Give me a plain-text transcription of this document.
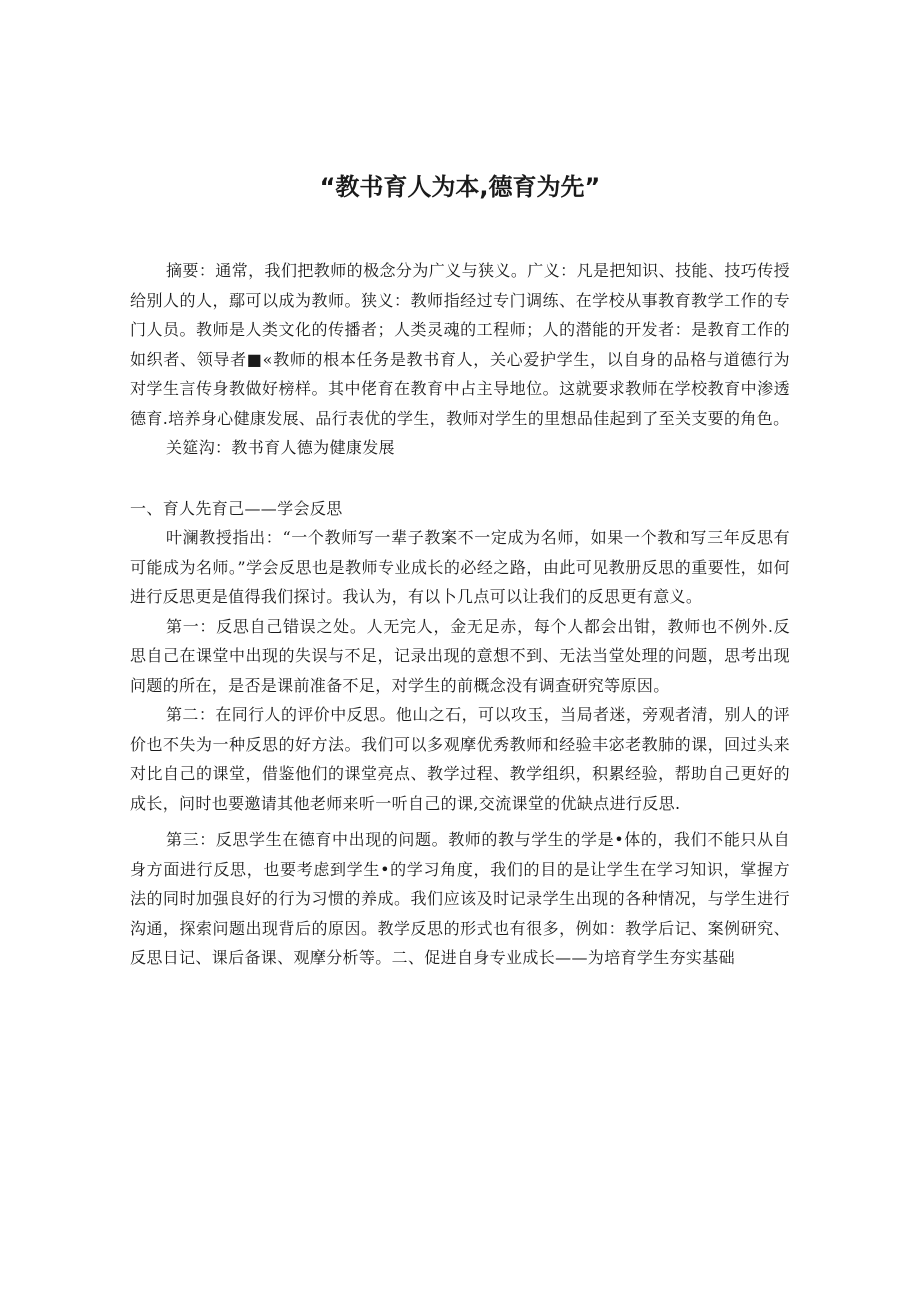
“教书育人为本,德育为先”

摘要：通常，我们把教师的极念分为广义与狭义。广义：凡是把知识、技能、技巧传授给别人的人，鄢可以成为教师。狭义：教师指经过专门调练、在学校从事教育教学工作的专门人员。教师是人类文化的传播者；人类灵魂的工程师；人的潜能的开发者：是教育工作的如织者、领导者■«教师的根本任务是教书育人，关心爱护学生，以自身的品格与道德行为对学生言传身教做好榜样。其中佬育在教育中占主导地位。这就要求教师在学校教育中渗透德育.培养身心健康发展、品行表优的学生，教师对学生的里想品佳起到了至关支要的角色。

关筵沟：教书育人德为健康发展

一、育人先育己——学会反思

叶澜教授指出：“一个教师写一辈子教案不一定成为名师，如果一个教和写三年反思有可能成为名师。”学会反思也是教师专业成长的必经之路，由此可见教册反思的重要性，如何进行反思更是值得我们探讨。我认为，有以卜几点可以让我们的反思更有意义。

第一：反思自己错误之处。人无完人，金无足赤，每个人都会出钳，教师也不例外.反思自己在课堂中出现的失误与不足，记录出现的意想不到、无法当堂处理的问题，思考出现问题的所在，是否是课前准备不足，对学生的前概念没有调查研究等原因。

第二：在同行人的评价中反思。他山之石，可以攻玉，当局者迷，旁观者清，别人的评价也不失为一种反思的好方法。我们可以多观摩优秀教师和经验丰宓老教肺的课，回过头来对比自己的课堂，借鉴他们的课堂亮点、教学过程、教学组织，积累经验，帮助自己更好的成长，问时也要邀请其他老师来听一听自己的课,交流课堂的优缺点进行反思.

第三：反思学生在德育中出现的问题。教师的教与学生的学是•体的，我们不能只从自身方面进行反思，也要考虑到学生•的学习角度，我们的目的是让学生在学习知识，掌握方法的同时加强良好的行为习惯的养成。我们应该及时记录学生出现的各种情况，与学生进行沟通，探索问题出现背后的原因。教学反思的形式也有很多，例如：教学后记、案例研究、反思日记、课后备课、观摩分析等。二、促进自身专业成长——为培育学生夯实基础
